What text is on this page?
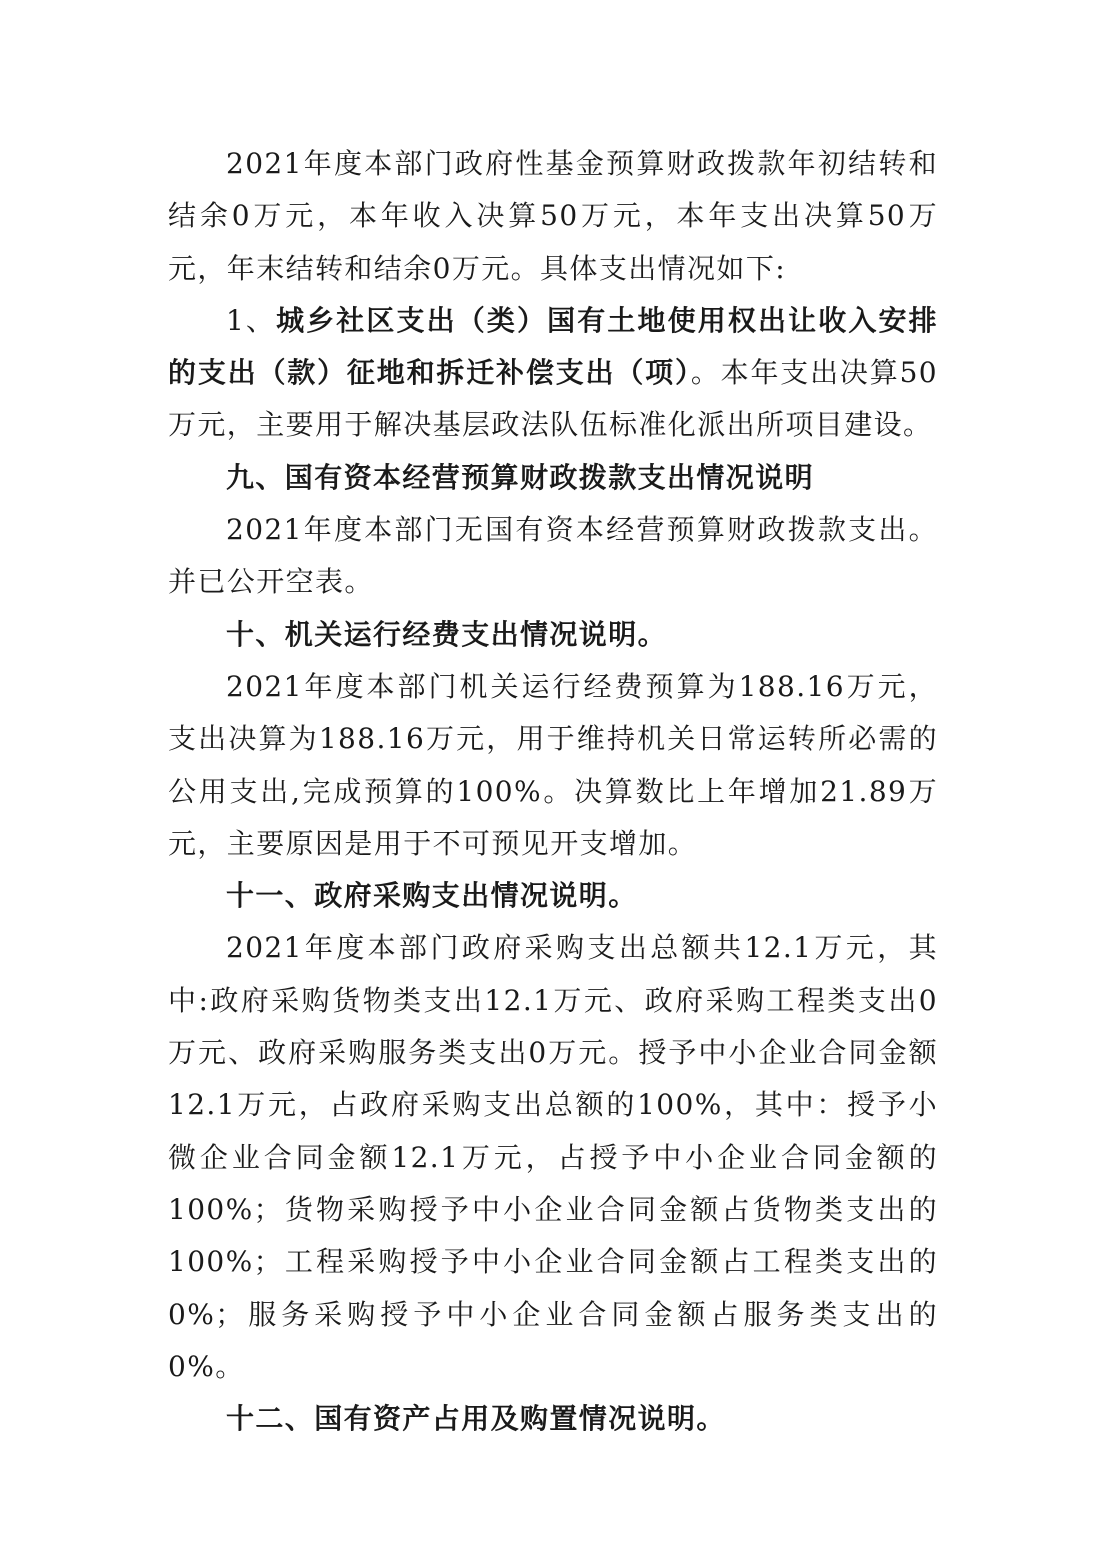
2021年度本部门政府性基金预算财政拨款年初结转和结余0万元，本年收入决算50万元，本年支出决算50万元，年末结转和结余0万元。具体支出情况如下:

1、城乡社区支出（类）国有土地使用权出让收入安排的支出（款）征地和拆迁补偿支出（项）。本年支出决算50万元，主要用于解决基层政法队伍标准化派出所项目建设。

九、国有资本经营预算财政拨款支出情况说明

2021年度本部门无国有资本经营预算财政拨款支出。并已公开空表。

十、机关运行经费支出情况说明。

2021年度本部门机关运行经费预算为188.16万元，支出决算为188.16万元，用于维持机关日常运转所必需的公用支出,完成预算的100%。决算数比上年增加21.89万元，主要原因是用于不可预见开支增加。

十一、政府采购支出情况说明。

2021年度本部门政府采购支出总额共12.1万元，其中:政府采购货物类支出12.1万元、政府采购工程类支出0万元、政府采购服务类支出0万元。授予中小企业合同金额12.1万元，占政府采购支出总额的100%，其中：授予小微企业合同金额12.1万元，占授予中小企业合同金额的100%；货物采购授予中小企业合同金额占货物类支出的100%；工程采购授予中小企业合同金额占工程类支出的0%；服务采购授予中小企业合同金额占服务类支出的0%。

十二、国有资产占用及购置情况说明。
